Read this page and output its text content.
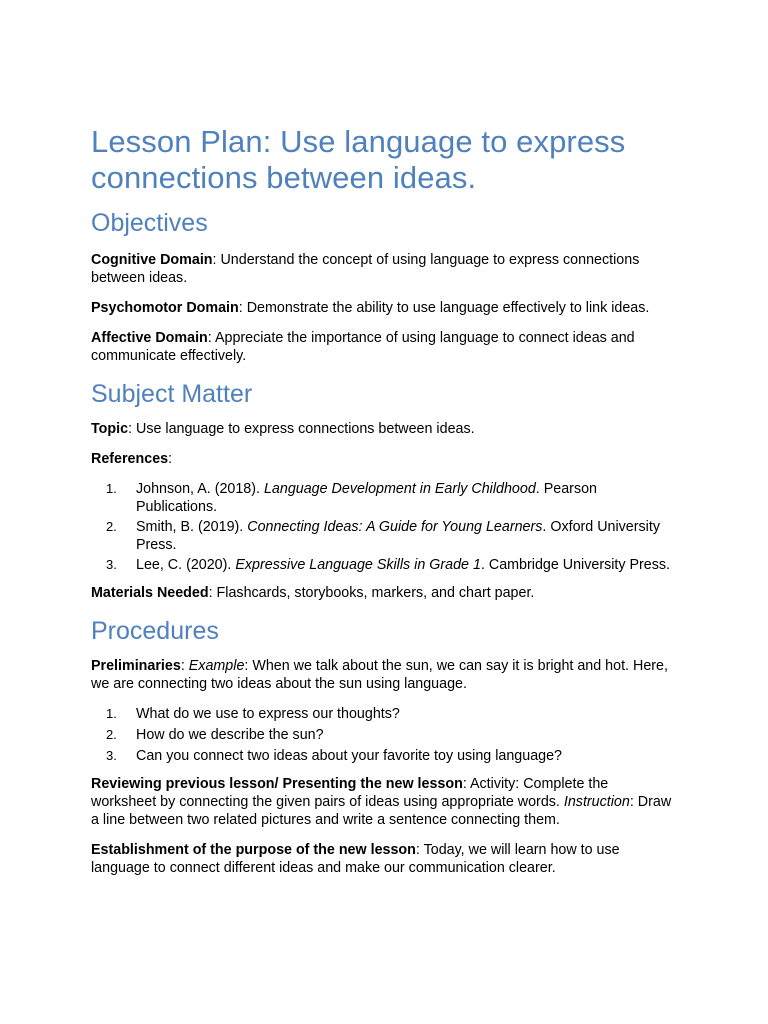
Lesson Plan: Use language to express connections between ideas.
Objectives

Cognitive Domain: Understand the concept of using language to express connections between ideas.

Psychomotor Domain: Demonstrate the ability to use language effectively to link ideas.

Affective Domain: Appreciate the importance of using language to connect ideas and communicate effectively.

Subject Matter

Topic: Use language to express connections between ideas.

References:

1. Johnson, A. (2018). Language Development in Early Childhood. Pearson Publications.
2. Smith, B. (2019). Connecting Ideas: A Guide for Young Learners. Oxford University Press.
3. Lee, C. (2020). Expressive Language Skills in Grade 1. Cambridge University Press.

Materials Needed: Flashcards, storybooks, markers, and chart paper.

Procedures

Preliminaries: Example: When we talk about the sun, we can say it is bright and hot. Here, we are connecting two ideas about the sun using language.

1. What do we use to express our thoughts?
2. How do we describe the sun?
3. Can you connect two ideas about your favorite toy using language?

Reviewing previous lesson/ Presenting the new lesson: Activity: Complete the worksheet by connecting the given pairs of ideas using appropriate words. Instruction: Draw a line between two related pictures and write a sentence connecting them.

Establishment of the purpose of the new lesson: Today, we will learn how to use language to connect different ideas and make our communication clearer.
